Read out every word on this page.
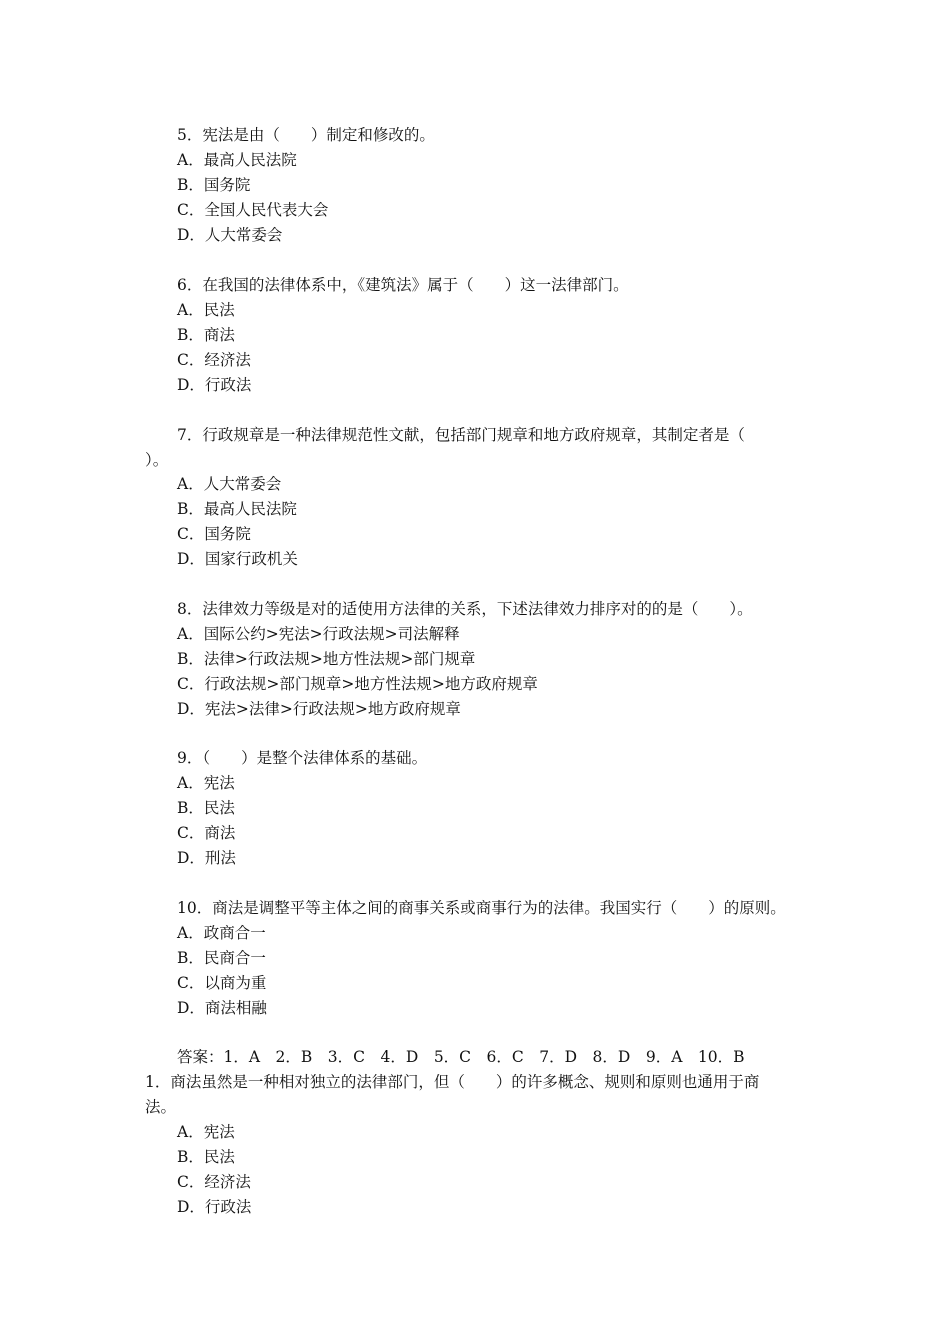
5．宪法是由（　　）制定和修改的。
A．最高人民法院
B．国务院
C．全国人民代表大会
D．人大常委会
6．在我国的法律体系中，《建筑法》属于（　　）这一法律部门。
A．民法
B．商法
C．经济法
D．行政法
7．行政规章是一种法律规范性文献，包括部门规章和地方政府规章，其制定者是（
）。
A．人大常委会
B．最高人民法院
C．国务院
D．国家行政机关
8．法律效力等级是对的适使用方法律的关系，下述法律效力排序对的的是（　　）。
A．国际公约>宪法>行政法规>司法解释
B．法律>行政法规>地方性法规>部门规章
C．行政法规>部门规章>地方性法规>地方政府规章
D．宪法>法律>行政法规>地方政府规章
9．（　　）是整个法律体系的基础。
A．宪法
B．民法
C．商法
D．刑法
10．商法是调整平等主体之间的商事关系或商事行为的法律。我国实行（　　）的原则。
A．政商合一
B．民商合一
C．以商为重
D．商法相融
答案：1．A　2．B　3．C　4．D　5．C　6．C　7．D　8．D　9．A　10．B
1．商法虽然是一种相对独立的法律部门，但（　　）的许多概念、规则和原则也通用于商
法。
A．宪法
B．民法
C．经济法
D．行政法
